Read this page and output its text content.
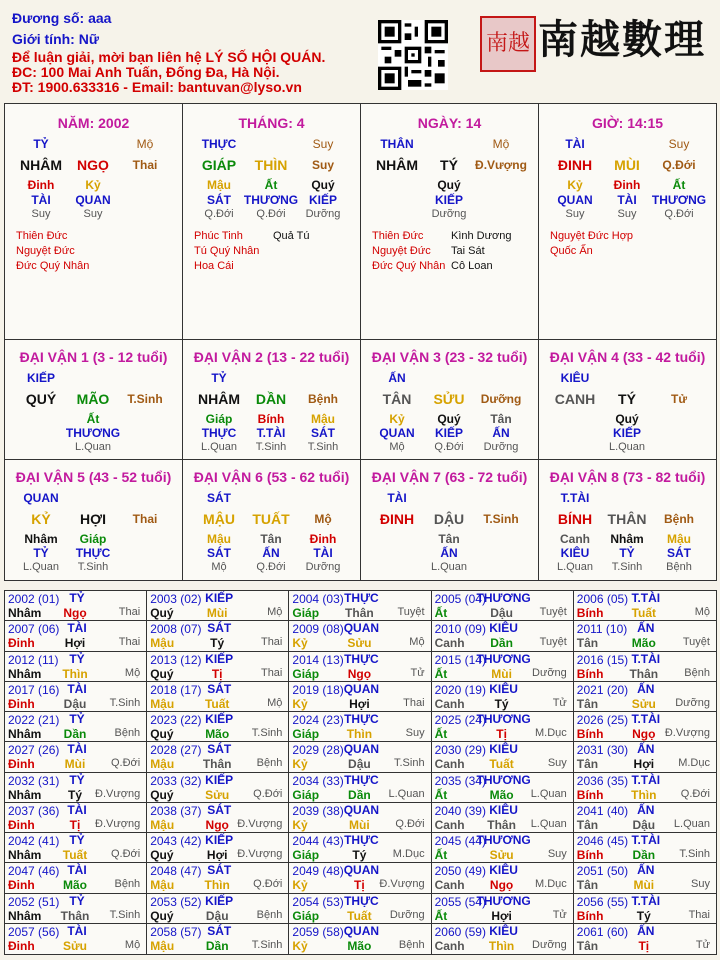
Đương số: aaa
Giới tính: Nữ
Để luận giải, mời bạn liên hệ LÝ SỐ HỘI QUÁN.
ĐC: 100 Mai Anh Tuấn, Đống Đa, Hà Nội.
ĐT: 1900.633316 - Email: bantuvan@lyso.vn
南越 南越數理
NĂM: 2002
TỶ	Mộ
NHÂM NGỌ Thai
Đinh
TÀI
Suy
Kỷ
QUAN
Suy
Thiên Đức
Nguyệt Đức
Đức Quý Nhân
THÁNG: 4
THỰC	Suy
GIÁP THÌN Suy
Mậu
SÁT
Q.Đới
Ất
THƯƠNG
Q.Đới
Quý
KIẾP
Dưỡng
Phúc Tinh
Tú Quý Nhân
Hoa Cái
Quả Tú
NGÀY: 14
THÂN	Mộ
NHÂM TÝ Đ.Vượng
Quý
KIẾP
Dưỡng
Thiên Đức
Nguyệt Đức
Đức Quý Nhân
Kình Dương
Tai Sát
Cô Loan
GIỜ: 14:15
TÀI	Suy
ĐINH MÙI Q.Đới
Kỷ
QUAN
Suy
Đinh
TÀI
Suy
Ất
THƯƠNG
Q.Đới
Nguyệt Đức Hợp
Quốc Ấn
ĐẠI VẬN 1 (3 - 12 tuổi)
KIẾP
QUÝ MÃO T.Sinh
Ất
THƯƠNG
L.Quan
ĐẠI VẬN 2 (13 - 22 tuổi)
TỶ
NHÂM DẦN Bệnh
Giáp
THỰC
L.Quan
Bính
T.TÀI
T.Sinh
Mậu
SÁT
T.Sinh
ĐẠI VẬN 3 (23 - 32 tuổi)
ẤN
TÂN SỬU Dưỡng
Kỷ
QUAN
Mộ
Quý
KIẾP
Q.Đới
Tân
ẤN
Dưỡng
ĐẠI VẬN 4 (33 - 42 tuổi)
KIÊU
CANH TÝ	Tử
Quý
KIẾP
L.Quan
ĐẠI VẬN 5 (43 - 52 tuổi)
QUAN
KỶ HỢI Thai
Nhâm
TỶ
L.Quan
Giáp
THỰC
T.Sinh
ĐẠI VẬN 6 (53 - 62 tuổi)
SÁT
MẬU TUẤT Mộ
Mậu
SÁT
Mộ
Tân
ẤN
Q.Đới
Đinh
TÀI
Dưỡng
ĐẠI VẬN 7 (63 - 72 tuổi)
TÀI
ĐINH DẬU T.Sinh
Tân
ẤN
L.Quan
ĐẠI VẬN 8 (73 - 82 tuổi)
T.TÀI
BÍNH THÂN Bệnh
Canh
KIÊU
L.Quan
Nhâm
TỶ
T.Sinh
Mậu
SÁT
Bệnh
2002 (01) TỶ
Nhâm Ngọ	Thai
2003 (02) KIẾP
Quý	Mùi	Mộ
2004 (03) THỰC
Giáp Thân Tuyệt
2005 (04)
THƯƠNG
Ất	Dậu Tuyệt
2006 (05) T.TÀI
Bính Tuất	Mộ
2007 (06) TÀI
Đinh	Hợi	Thai
2008 (07) SÁT
Mậu	Tý	Thai
2009 (08) QUAN
Kỷ	Sửu	Mộ
2010 (09) KIÊU
Canh Dần Tuyệt
2011 (10) ẤN
Tân	Mão Tuyệt
2012 (11) TỶ
Nhâm Thìn	Mộ
2013 (12) KIẾP
Quý	Tị	Thai
2014 (13) THỰC
Giáp Ngọ	Tử
2015 (14)
THƯƠNG
Ất	Mùi Dưỡng
2016 (15) T.TÀI
Bính Thân Bệnh
2017 (16) TÀI
Đinh Dậu T.Sinh
2018 (17) SÁT
Mậu	Tuất	Mộ
2019 (18) QUAN
Kỷ	Hợi	Thai
2020 (19) KIÊU
Canh Tý	Tử
2021 (20) ẤN
Tân	Sửu Dưỡng
2022 (21) TỶ
Nhâm Dần	Bệnh
2023 (22) KIẾP
Quý	Mão T.Sinh
2024 (23) THỰC
Giáp Thìn	Suy
2025 (24)
THƯƠNG
Ất	Tị	M.Dục
2026 (25) T.TÀI
Bính Ngọ Đ.Vượng
2027 (26) TÀI
Đinh Mùi Q.Đới
2028 (27) SÁT
Mậu Thân Bệnh
2029 (28) QUAN
Kỷ	Dậu T.Sinh
2030 (29) KIÊU
Canh Tuất	Suy
2031 (30) ẤN
Tân	Hợi M.Dục
2032 (31) TỶ
Nhâm Tý Đ.Vượng
2033 (32) KIẾP
Quý	Sửu Q.Đới
2034 (33) THỰC
Giáp Dần L.Quan
2035 (34)
THƯƠNG
Ất	Mão L.Quan
2036 (35) T.TÀI
Bính Thìn Q.Đới
2037 (36) TÀI
Đinh	Tị Đ.Vượng
2038 (37) SÁT
Mậu	Ngọ Đ.Vượng
2039 (38) QUAN
Kỷ	Mùi Q.Đới
2040 (39) KIÊU
Canh Thân L.Quan
2041 (40) ẤN
Tân	Dậu L.Quan
2042 (41) TỶ
Nhâm Tuất Q.Đới
2043 (42) KIẾP
Quý	Hợi Đ.Vượng
2044 (43) THỰC
Giáp	Tý M.Dục
2045 (44)
THƯƠNG
Ất	Sửu	Suy
2046 (45) T.TÀI
Bính Dần T.Sinh
2047 (46) TÀI
Đinh Mão Bệnh
2048 (47) SÁT
Mậu	Thìn Q.Đới
2049 (48) QUAN
Kỷ	Tị Đ.Vượng
2050 (49) KIÊU
Canh Ngọ M.Dục
2051 (50) ẤN
Tân	Mùi	Suy
2052 (51) TỶ
Nhâm Thân T.Sinh
2053 (52) KIẾP
Quý	Dậu	Bệnh
2054 (53) THỰC
Giáp Tuất Dưỡng
2055 (54)
THƯƠNG
Ất	Hợi	Tử
2056 (55) T.TÀI
Bính	Tý	Thai
2057 (56) TÀI
Đinh Sửu	Mộ
2058 (57) SÁT
Mậu	Dần T.Sinh
2059 (58) QUAN
Kỷ	Mão Bệnh
2060 (59) KIÊU
Canh Thìn Dưỡng
2061 (60) ẤN
Tân	Tị	Tử
